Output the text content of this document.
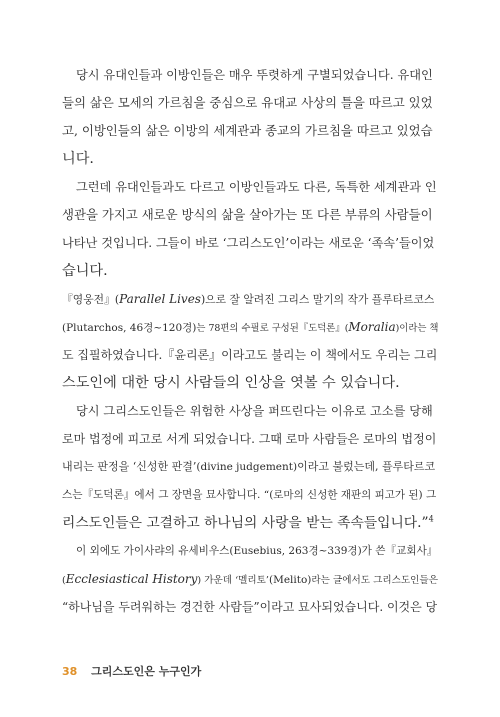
당시 유대인들과 이방인들은 매우 뚜렷하게 구별되었습니다. 유대인
들의 삶은 모세의 가르침을 중심으로 유대교 사상의 틀을 따르고 있었
고, 이방인들의 삶은 이방의 세계관과 종교의 가르침을 따르고 있었습
니다.
그런데 유대인들과도 다르고 이방인들과도 다른, 독특한 세계관과 인
생관을 가지고 새로운 방식의 삶을 살아가는 또 다른 부류의 사람들이
나타난 것입니다. 그들이 바로 ‘그리스도인’이라는 새로운 ‘족속’들이었
습니다.
『영웅전』(Parallel Lives)으로 잘 알려진 그리스 말기의 작가 플루타르코스
(Plutarchos, 46경~120경)는 78편의 수필로 구성된『도덕론』(Moralia)이라는 책
도 집필하였습니다.『윤리론』이라고도 불리는 이 책에서도 우리는 그리
스도인에 대한 당시 사람들의 인상을 엿볼 수 있습니다.
당시 그리스도인들은 위험한 사상을 퍼뜨린다는 이유로 고소를 당해
로마 법정에 피고로 서게 되었습니다. 그때 로마 사람들은 로마의 법정이
내리는 판정을 ‘신성한 판결’(divine judgement)이라고 불렀는데, 플루타르코
스는『도덕론』에서 그 장면을 묘사합니다. “(로마의 신성한 재판의 피고가 된) 그
리스도인들은 고결하고 하나님의 사랑을 받는 족속들입니다.”$^4$
이 외에도 가이사랴의 유세비우스(Eusebius, 263경~339경)가 쓴『교회사』
(Ecclesiastical History) 가운데 ‘멜리토’(Melito)라는 글에서도 그리스도인들은
“하나님을 두려워하는 경건한 사람들”이라고 묘사되었습니다. 이것은 당
38 그리스도인은 누구인가
